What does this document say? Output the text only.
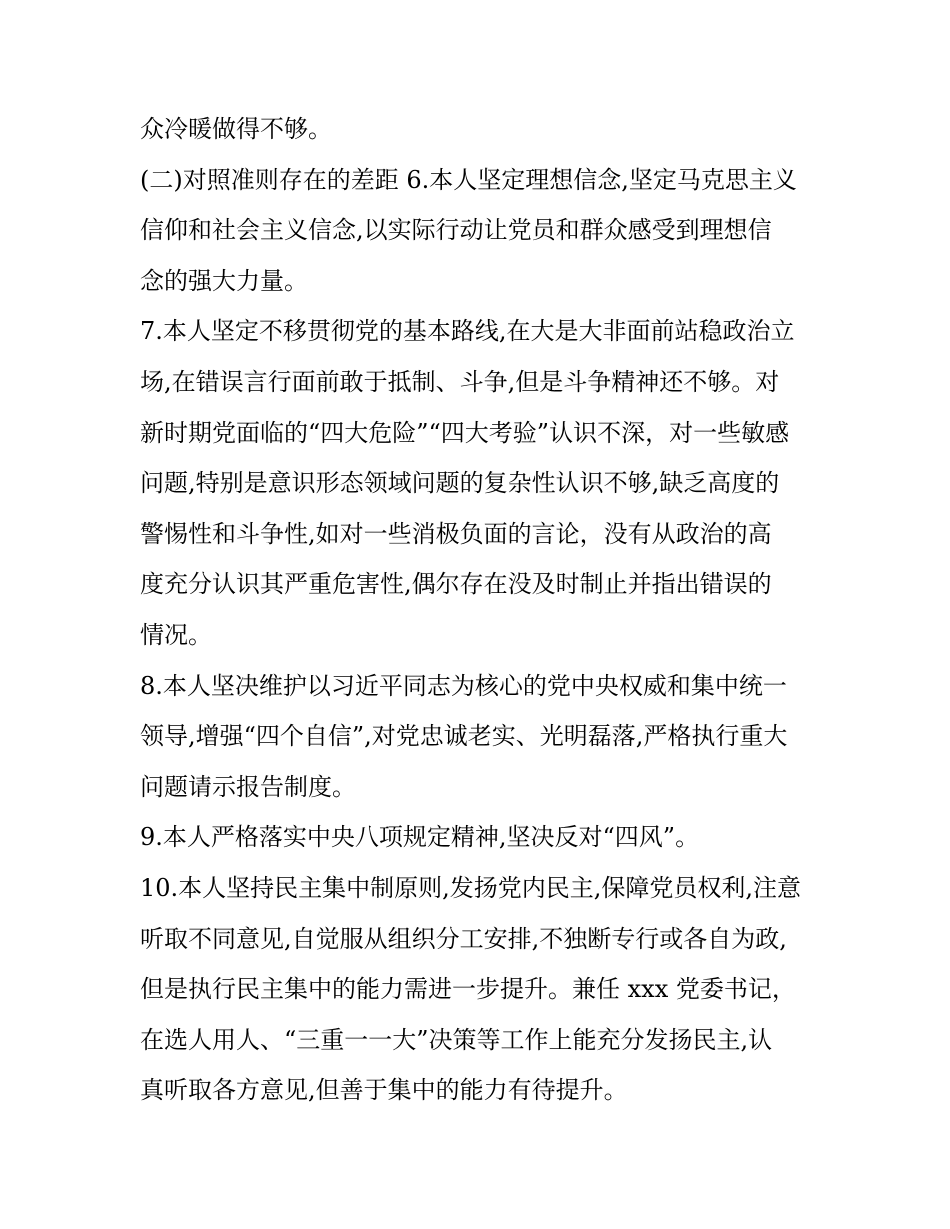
众冷暖做得不够。
(二)对照准则存在的差距 6.本人坚定理想信念,坚定马克思主义
信仰和社会主义信念,以实际行动让党员和群众感受到理想信
念的强大力量。
7.本人坚定不移贯彻党的基本路线,在大是大非面前站稳政治立
场,在错误言行面前敢于抵制、斗争,但是斗争精神还不够。对
新时期党面临的“四大危险”“四大考验”认识不深，对一些敏感
问题,特别是意识形态领域问题的复杂性认识不够,缺乏高度的
警惕性和斗争性,如对一些消极负面的言论，没有从政治的高
度充分认识其严重危害性,偶尔存在没及时制止并指出错误的
情况。
8.本人坚决维护以习近平同志为核心的党中央权威和集中统一
领导,增强“四个自信”,对党忠诚老实、光明磊落,严格执行重大
问题请示报告制度。
9.本人严格落实中央八项规定精神,坚决反对“四风”。
10.本人坚持民主集中制原则,发扬党内民主,保障党员权利,注意
听取不同意见,自觉服从组织分工安排,不独断专行或各自为政,
但是执行民主集中的能力需进一步提升。兼任 xxx 党委书记，
在选人用人、“三重一一大”决策等工作上能充分发扬民主,认
真听取各方意见,但善于集中的能力有待提升。
